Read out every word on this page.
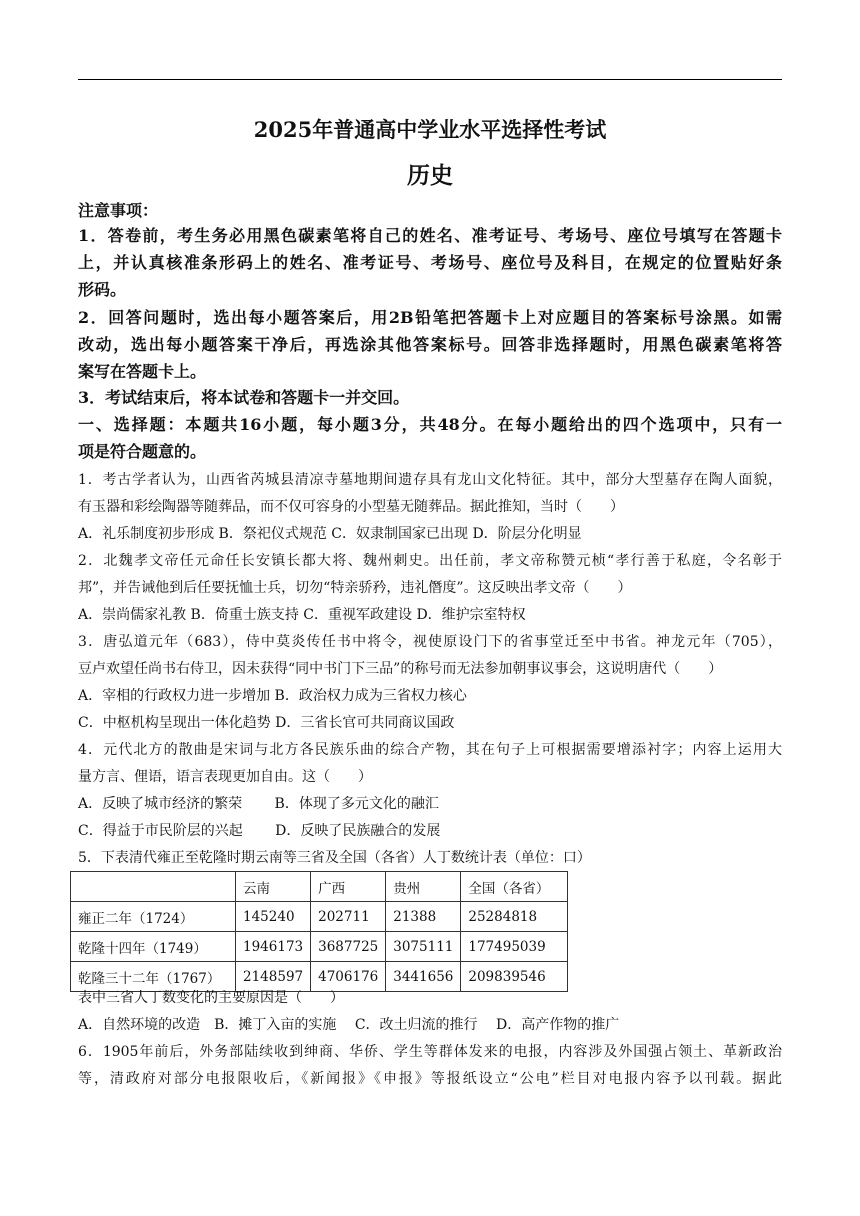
2025年普通高中学业水平选择性考试
历史
注意事项：
1．答卷前，考生务必用黑色碳素笔将自己的姓名、准考证号、考场号、座位号填写在答题卡
上，并认真核准条形码上的姓名、准考证号、考场号、座位号及科目，在规定的位置贴好条
形码。
2．回答问题时，选出每小题答案后，用2B铅笔把答题卡上对应题目的答案标号涂黑。如需
改动，选出每小题答案干净后，再选涂其他答案标号。回答非选择题时，用黑色碳素笔将答
案写在答题卡上。
3．考试结束后，将本试卷和答题卡一并交回。
一、选择题：本题共16小题，每小题3分，共48分。在每小题给出的四个选项中，只有一
项是符合题意的。
1．考古学者认为，山西省芮城县清凉寺墓地期间遗存具有龙山文化特征。其中，部分大型墓存在陶人面貌，
有玉器和彩绘陶器等随葬品，而不仅可容身的小型墓无随葬品。据此推知，当时（　　）
A．礼乐制度初步形成 B．祭祀仪式规范 C．奴隶制国家已出现 D．阶层分化明显
2．北魏孝文帝任元命任长安镇长都大将、魏州刺史。出任前，孝文帝称赞元桢“孝行善于私庭，令名彰于
邦”，并告诫他到后任要抚恤士兵，切勿“特亲骄矜，违礼僭度”。这反映出孝文帝（　　）
A．崇尚儒家礼教 B．倚重士族支持 C．重视军政建设 D．维护宗室特权
3．唐弘道元年（683），侍中莫炎传任书中将令，视使原设门下的省事堂迁至中书省。神龙元年（705），
豆卢欢望任尚书右侍卫，因未获得“同中书门下三品”的称号而无法参加朝事议事会，这说明唐代（　　）
A．宰相的行政权力进一步增加 B．政治权力成为三省权力核心
C．中枢机构呈现出一体化趋势 D．三省长官可共同商议国政
4．元代北方的散曲是宋词与北方各民族乐曲的综合产物，其在句子上可根据需要增添衬字；内容上运用大
量方言、俚语，语言表现更加自由。这（　　）
A．反映了城市经济的繁荣　　 B．体现了多元文化的融汇
C．得益于市民阶层的兴起　　 D．反映了民族融合的发展
5．下表清代雍正至乾隆时期云南等三省及全国（各省）人丁数统计表（单位：口）
	云南	广西	贵州	全国（各省）
雍正二年（1724）	145240	202711	21388	25284818
乾隆十四年（1749）	1946173	3687725	3075111	177495039
乾隆三十二年（1767）	2148597	4706176	3441656	209839546
表中三省人丁数变化的主要原因是（　　）
A．自然环境的改造　B．摊丁入亩的实施　 C．改土归流的推行　 D．高产作物的推广
6．1905年前后，外务部陆续收到绅商、华侨、学生等群体发来的电报，内容涉及外国强占领土、革新政治
等，清政府对部分电报限收后，《新闻报》《申报》等报纸设立“公电”栏目对电报内容予以刊载。据此
